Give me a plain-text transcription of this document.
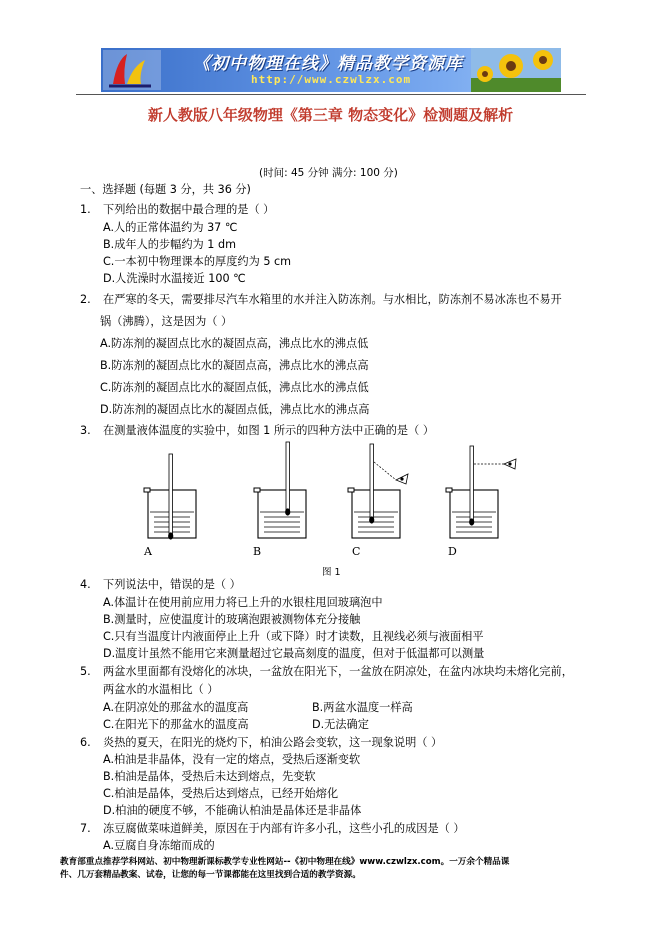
《初中物理在线》精品教学资源库
http://www.czwlzx.com
新人教版八年级物理《第三章 物态变化》检测题及解析
(时间: 45 分钟 满分: 100 分)
一、选择题 (每题 3 分，共 36 分)
1. 下列给出的数据中最合理的是（ ）
A.人的正常体温约为 37 ℃
B.成年人的步幅约为 1 dm
C.一本初中物理课本的厚度约为 5 cm
D.人洗澡时水温接近 100 ℃
2. 在严寒的冬天，需要排尽汽车水箱里的水并注入防冻剂。与水相比，防冻剂不易冰冻也不易开
锅（沸腾），这是因为（ ）
A.防冻剂的凝固点比水的凝固点高，沸点比水的沸点低
B.防冻剂的凝固点比水的凝固点高，沸点比水的沸点高
C.防冻剂的凝固点比水的凝固点低，沸点比水的沸点低
D.防冻剂的凝固点比水的凝固点低，沸点比水的沸点高
3. 在测量液体温度的实验中，如图 1 所示的四种方法中正确的是（ ）
A	B	C	D
图 1
4. 下列说法中，错误的是（ ）
A.体温计在使用前应用力将已上升的水银柱甩回玻璃泡中
B.测量时，应使温度计的玻璃泡跟被测物体充分接触
C.只有当温度计内液面停止上升（或下降）时才读数，且视线必须与液面相平
D.温度计虽然不能用它来测量超过它最高刻度的温度，但对于低温都可以测量
5. 两盆水里面都有没熔化的冰块，一盆放在阳光下，一盆放在阴凉处，在盆内冰块均未熔化完前，
两盆水的水温相比（ ）
A.在阴凉处的那盆水的温度高	B.两盆水温度一样高
C.在阳光下的那盆水的温度高	D.无法确定
6. 炎热的夏天，在阳光的烧灼下，柏油公路会变软，这一现象说明（ ）
A.柏油是非晶体，没有一定的熔点，受热后逐渐变软
B.柏油是晶体，受热后未达到熔点，先变软
C.柏油是晶体，受热后达到熔点，已经开始熔化
D.柏油的硬度不够，不能确认柏油是晶体还是非晶体
7. 冻豆腐做菜味道鲜美，原因在于内部有许多小孔，这些小孔的成因是（ ）
A.豆腐自身冻缩而成的
教育部重点推荐学科网站、初中物理新课标教学专业性网站--《初中物理在线》www.czwlzx.com。一万余个精品课
件、几万套精品教案、试卷，让您的每一节课都能在这里找到合适的教学资源。
